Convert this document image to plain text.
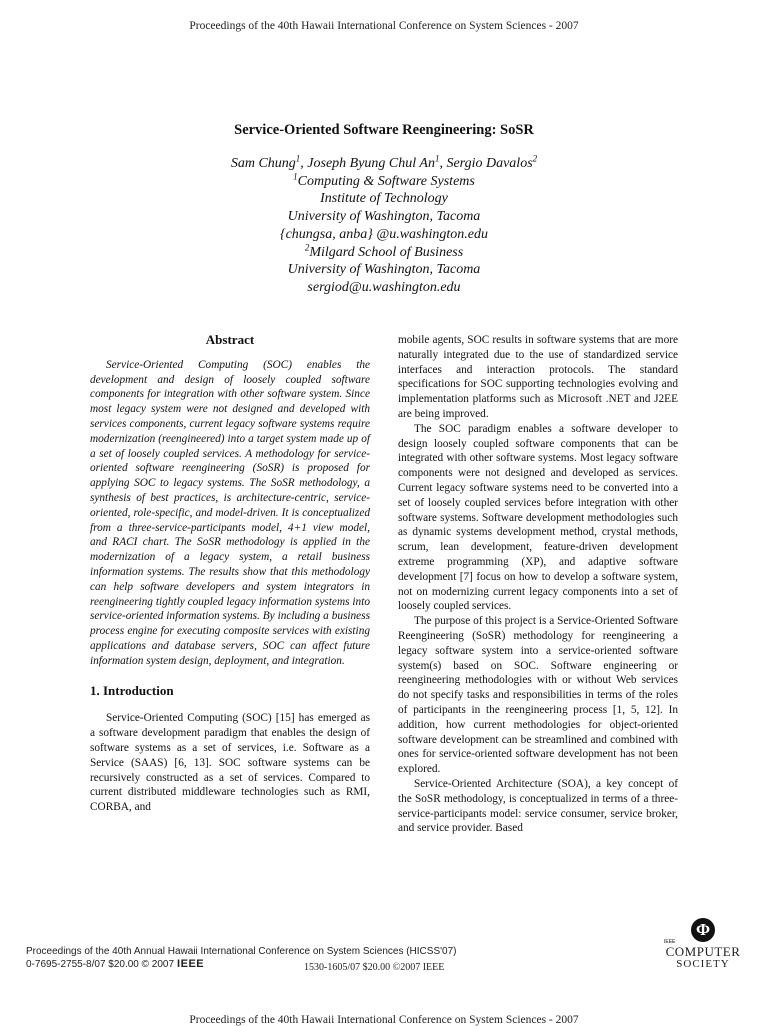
Proceedings of the 40th Hawaii International Conference on System Sciences - 2007
Service-Oriented Software Reengineering: SoSR
Sam Chung$^1$, Joseph Byung Chul An$^1$, Sergio Davalos$^2$
$^1$Computing & Software Systems
Institute of Technology
University of Washington, Tacoma
{chungsa, anba} @u.washington.edu
$^2$Milgard School of Business
University of Washington, Tacoma
sergiod@u.washington.edu
Abstract

Service-Oriented Computing (SOC) enables the development and design of loosely coupled software components for integration with other software system. Since most legacy system were not designed and developed with services components, current legacy software systems require modernization (reengineered) into a target system made up of a set of loosely coupled services. A methodology for service-oriented software reengineering (SoSR) is proposed for applying SOC to legacy systems. The SoSR methodology, a synthesis of best practices, is architecture-centric, service-oriented, role-specific, and model-driven. It is conceptualized from a three-service-participants model, 4+1 view model, and RACI chart. The SoSR methodology is applied in the modernization of a legacy system, a retail business information systems. The results show that this methodology can help software developers and system integrators in reengineering tightly coupled legacy information systems into service-oriented information systems. By including a business process engine for executing composite services with existing applications and database servers, SOC can affect future information system design, deployment, and integration.

1. Introduction

Service-Oriented Computing (SOC) [15] has emerged as a software development paradigm that enables the design of software systems as a set of services, i.e. Software as a Service (SAAS) [6, 13]. SOC software systems can be recursively constructed as a set of services. Compared to current distributed middleware technologies such as RMI, CORBA, and

mobile agents, SOC results in software systems that are more naturally integrated due to the use of standardized service interfaces and interaction protocols. The standard specifications for SOC supporting technologies evolving and implementation platforms such as Microsoft .NET and J2EE are being improved.

The SOC paradigm enables a software developer to design loosely coupled software components that can be integrated with other software systems. Most legacy software components were not designed and developed as services. Current legacy software systems need to be converted into a set of loosely coupled services before integration with other software systems. Software development methodologies such as dynamic systems development method, crystal methods, scrum, lean development, feature-driven development extreme programming (XP), and adaptive software development [7] focus on how to develop a software system, not on modernizing current legacy components into a set of loosely coupled services.

The purpose of this project is a Service-Oriented Software Reengineering (SoSR) methodology for reengineering a legacy software system into a service-oriented software system(s) based on SOC. Software engineering or reengineering methodologies with or without Web services do not specify tasks and responsibilities in terms of the roles of participants in the reengineering process [1, 5, 12]. In addition, how current methodologies for object-oriented software development can be streamlined and combined with ones for service-oriented software development has not been explored.

Service-Oriented Architecture (SOA), a key concept of the SoSR methodology, is conceptualized in terms of a three-service-participants model: service consumer, service broker, and service provider. Based

Proceedings of the 40th Annual Hawaii International Conference on System Sciences (HICSS'07)
0-7695-2755-8/07 $20.00 © 2007 IEEE	1530-1605/07 $20.00 ©2007 IEEE
Φ
IEEE
COMPUTER
SOCIETY
Proceedings of the 40th Hawaii International Conference on System Sciences - 2007
